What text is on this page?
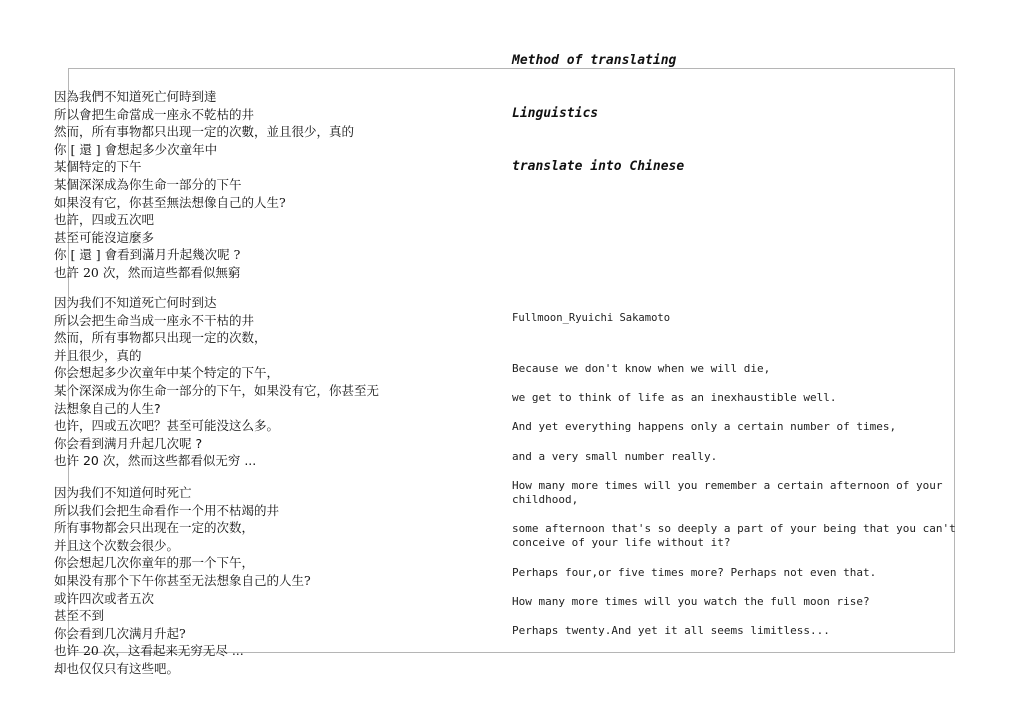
Method of translating
Linguistics
translate into Chinese
因為我們不知道死亡何時到達
所以會把生命當成一座永不乾枯的井
然而，所有事物都只出现一定的次數，並且很少，真的
你 [ 還 ] 會想起多少次童年中
某個特定的下午
某個深深成為你生命一部分的下午
如果沒有它，你甚至無法想像自己的人生?
也許，四或五次吧
甚至可能沒這麼多
你 [ 還 ] 會看到滿月升起幾次呢 ?
也許 20 次，然而這些都看似無窮
因为我们不知道死亡何时到达
所以会把生命当成一座永不干枯的井
然而，所有事物都只出现一定的次数，
并且很少，真的
你会想起多少次童年中某个特定的下午，
某个深深成为你生命一部分的下午，如果没有它，你甚至无
法想象自己的人生?
也许，四或五次吧？甚至可能没这么多。
你会看到满月升起几次呢 ?
也许 20 次，然而这些都看似无穷 ...
因为我们不知道何时死亡
所以我们会把生命看作一个用不枯竭的井
所有事物都会只出现在一定的次数，
并且这个次数会很少。
你会想起几次你童年的那一个下午，
如果没有那个下午你甚至无法想象自己的人生?
或许四次或者五次
甚至不到
你会看到几次满月升起?
也许 20 次，这看起来无穷无尽 ...
却也仅仅只有这些吧。
Fullmoon_Ryuichi Sakamoto
Because we don't know when we will die,
we get to think of life as an inexhaustible well.
And yet everything happens only a certain number of times,
and a very small number really.
How many more times will you remember a certain afternoon of your childhood,
some afternoon that's so deeply a part of your being that you can't conceive of your life without it?
Perhaps four,or five times more? Perhaps not even that.
How many more times will you watch the full moon rise?
Perhaps twenty.And yet it all seems limitless...
